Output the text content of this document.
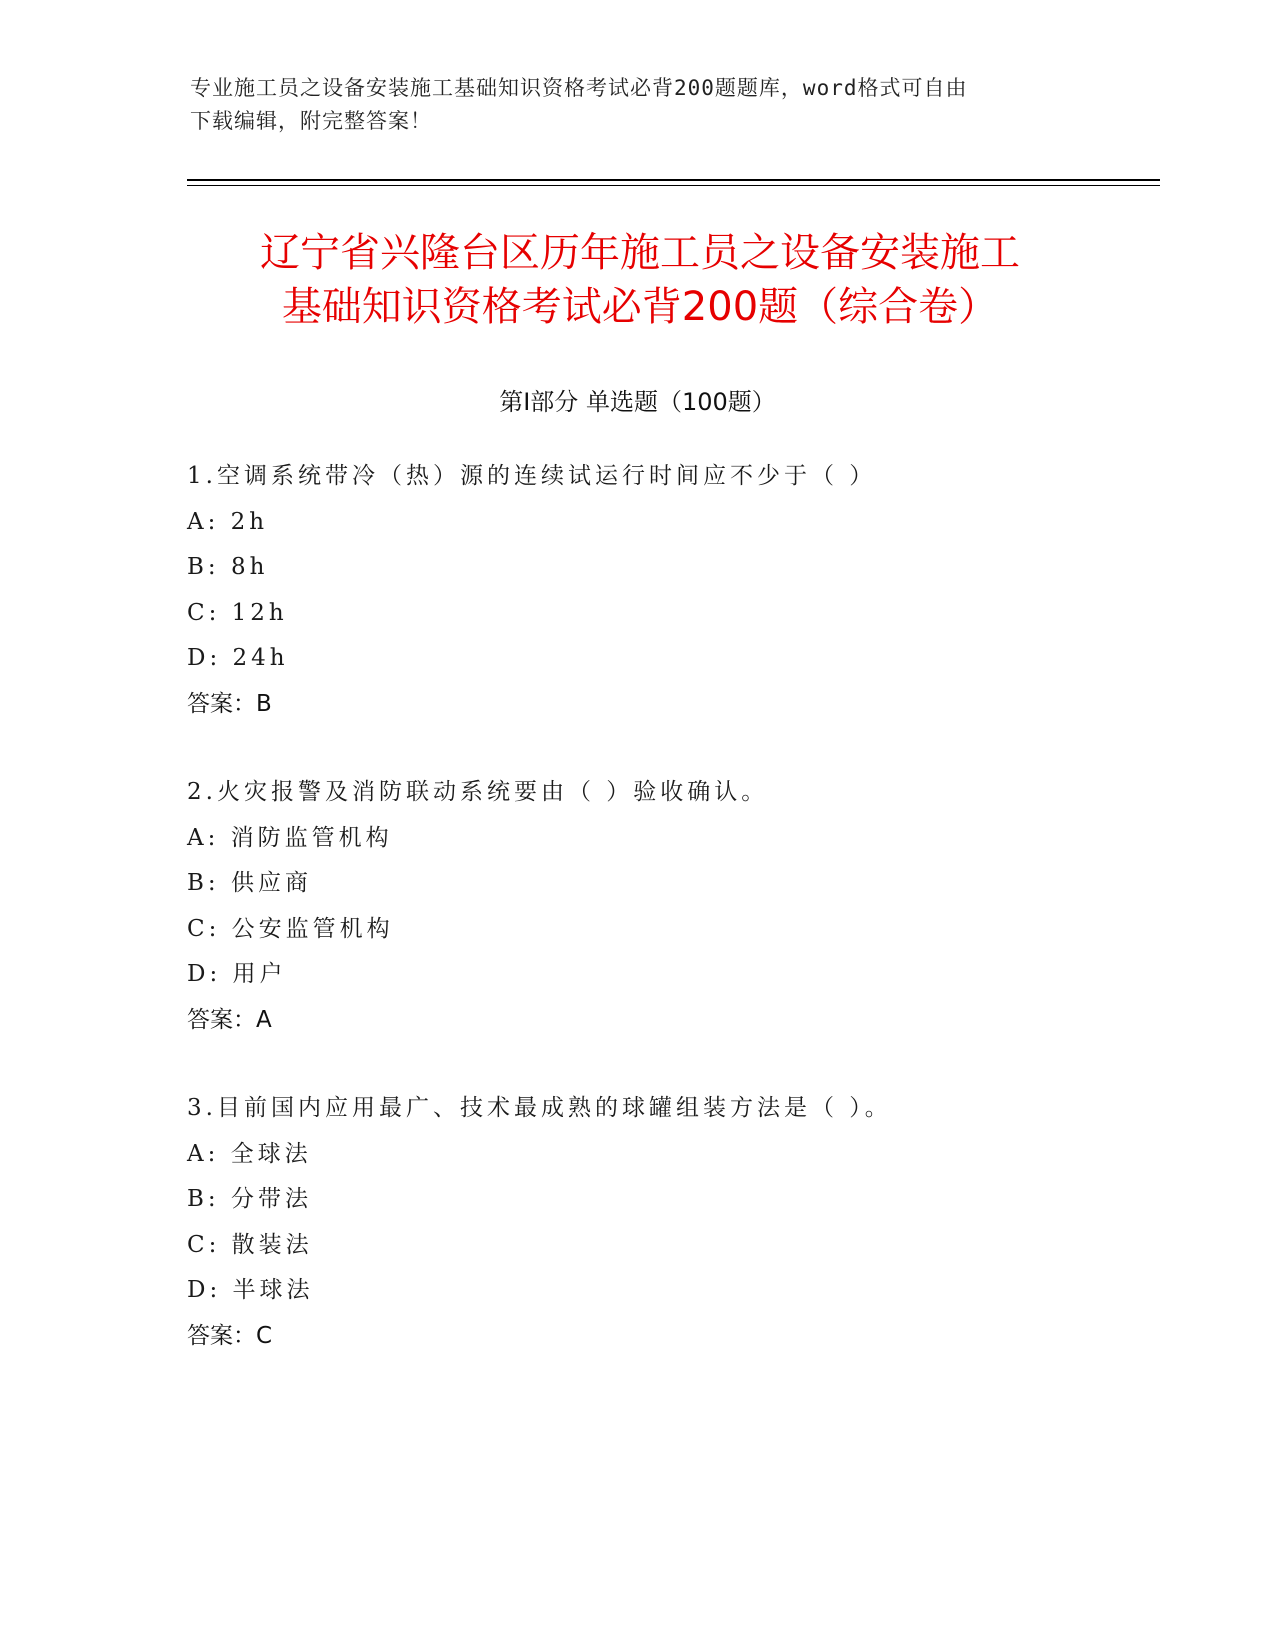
专业施工员之设备安装施工基础知识资格考试必背200题题库，word格式可自由
下载编辑，附完整答案！
辽宁省兴隆台区历年施工员之设备安装施工
基础知识资格考试必背200题（综合卷）
第Ⅰ部分 单选题（100题）
1.空调系统带冷（热）源的连续试运行时间应不少于（ ）
A: 2h
B: 8h
C: 12h
D: 24h
答案：B
2.火灾报警及消防联动系统要由（ ）验收确认。
A: 消防监管机构
B: 供应商
C: 公安监管机构
D: 用户
答案：A
3.目前国内应用最广、技术最成熟的球罐组装方法是（ ）。
A: 全球法
B: 分带法
C: 散装法
D: 半球法
答案：C
